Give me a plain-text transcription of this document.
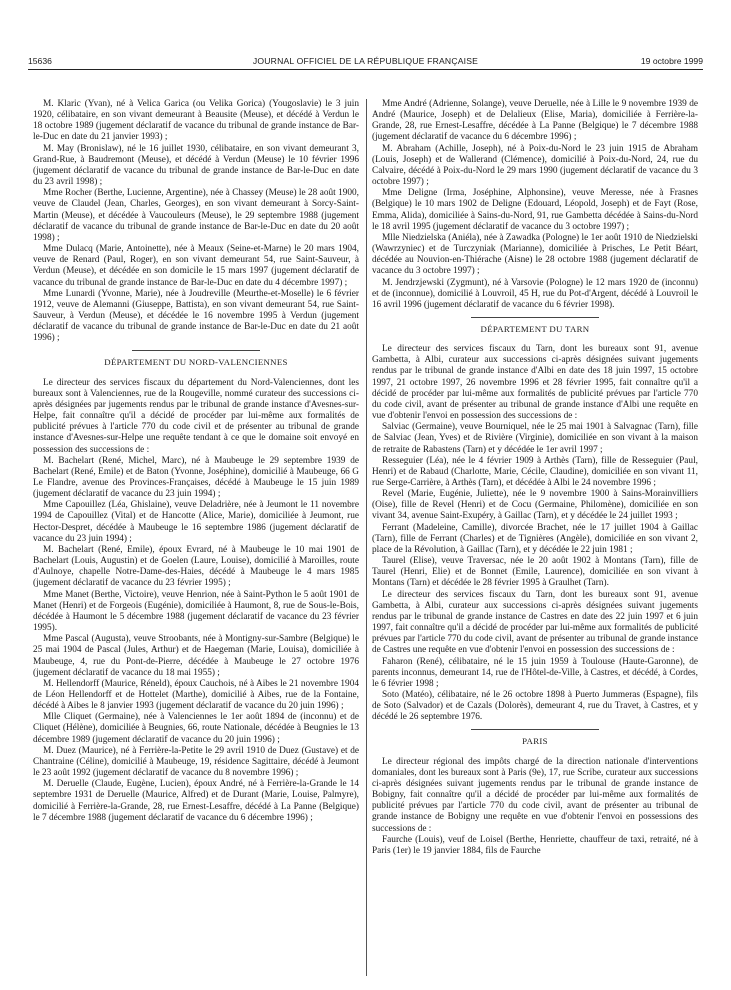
15636	JOURNAL OFFICIEL DE LA RÉPUBLIQUE FRANÇAISE	19 octobre 1999

M. Klaric (Yvan), né à Velica Garica (ou Velika Gorica) (Yougoslavie) le 3 juin 1920, célibataire, en son vivant demeurant à Beausite (Meuse), et décédé à Verdun le 18 octobre 1989 (jugement déclaratif de vacance du tribunal de grande instance de Bar-le-Duc en date du 21 janvier 1993) ;

M. May (Bronislaw), né le 16 juillet 1930, célibataire, en son vivant demeurant 3, Grand-Rue, à Baudremont (Meuse), et décédé à Verdun (Meuse) le 10 février 1996 (jugement déclaratif de vacance du tribunal de grande instance de Bar-le-Duc en date du 23 avril 1998) ;

Mme Rocher (Berthe, Lucienne, Argentine), née à Chassey (Meuse) le 28 août 1900, veuve de Claudel (Jean, Charles, Georges), en son vivant demeurant à Sorcy-Saint-Martin (Meuse), et décédée à Vaucouleurs (Meuse), le 29 septembre 1988 (jugement déclaratif de vacance du tribunal de grande instance de Bar-le-Duc en date du 20 août 1998) ;

Mme Dulacq (Marie, Antoinette), née à Meaux (Seine-et-Marne) le 20 mars 1904, veuve de Renard (Paul, Roger), en son vivant demeurant 54, rue Saint-Sauveur, à Verdun (Meuse), et décédée en son domicile le 15 mars 1997 (jugement déclaratif de vacance du tribunal de grande instance de Bar-le-Duc en date du 4 décembre 1997) ;

Mme Lunardi (Yvonne, Marie), née à Joudreville (Meurthe-et-Moselle) le 6 février 1912, veuve de Alemanni (Giuseppe, Battista), en son vivant demeurant 54, rue Saint-Sauveur, à Verdun (Meuse), et décédée le 16 novembre 1995 à Verdun (jugement déclaratif de vacance du tribunal de grande instance de Bar-le-Duc en date du 21 août 1996) ;

DÉPARTEMENT DU NORD-VALENCIENNES

Le directeur des services fiscaux du département du Nord-Valenciennes, dont les bureaux sont à Valenciennes, rue de la Rougeville, nommé curateur des successions ci-après désignées par jugements rendus par le tribunal de grande instance d'Avesnes-sur-Helpe, fait connaître qu'il a décidé de procéder par lui-même aux formalités de publicité prévues à l'article 770 du code civil et de présenter au tribunal de grande instance d'Avesnes-sur-Helpe une requête tendant à ce que le domaine soit envoyé en possession des successions de :

M. Bachelart (René, Michel, Marc), né à Maubeuge le 29 septembre 1939 de Bachelart (René, Emile) et de Baton (Yvonne, Joséphine), domicilié à Maubeuge, 66 G Le Flandre, avenue des Provinces-Françaises, décédé à Maubeuge le 15 juin 1989 (jugement déclaratif de vacance du 23 juin 1994) ;

Mme Capouillez (Léa, Ghislaine), veuve Deladrière, née à Jeumont le 11 novembre 1994 de Capouillez (Vital) et de Hancotte (Alice, Marie), domiciliée à Jeumont, rue Hector-Despret, décédée à Maubeuge le 16 septembre 1986 (jugement déclaratif de vacance du 23 juin 1994) ;

M. Bachelart (René, Emile), époux Evrard, né à Maubeuge le 10 mai 1901 de Bachelart (Louis, Augustin) et de Goelen (Laure, Louise), domicilié à Maroilles, route d'Aulnoye, chapelle Notre-Dame-des-Haies, décédé à Maubeuge le 4 mars 1985 (jugement déclaratif de vacance du 23 février 1995) ;

Mme Manet (Berthe, Victoire), veuve Henrion, née à Saint-Python le 5 août 1901 de Manet (Henri) et de Forgeois (Eugénie), domiciliée à Haumont, 8, rue de Sous-le-Bois, décédée à Haumont le 5 décembre 1988 (jugement déclaratif de vacance du 23 février 1995).

Mme Pascal (Augusta), veuve Stroobants, née à Montigny-sur-Sambre (Belgique) le 25 mai 1904 de Pascal (Jules, Arthur) et de Haegeman (Marie, Louisa), domiciliée à Maubeuge, 4, rue du Pont-de-Pierre, décédée à Maubeuge le 27 octobre 1976 (jugement déclaratif de vacance du 18 mai 1955) ;

M. Hellendorff (Maurice, Réneld), époux Cauchois, né à Aibes le 21 novembre 1904 de Léon Hellendorff et de Hottelet (Marthe), domicilié à Aibes, rue de la Fontaine, décédé à Aibes le 8 janvier 1993 (jugement déclaratif de vacance du 20 juin 1996) ;

Mlle Cliquet (Germaine), née à Valenciennes le 1er août 1894 de (inconnu) et de Cliquet (Hélène), domiciliée à Beugnies, 66, route Nationale, décédée à Beugnies le 13 décembre 1989 (jugement déclaratif de vacance du 20 juin 1996) ;

M. Duez (Maurice), né à Ferrière-la-Petite le 29 avril 1910 de Duez (Gustave) et de Chantraine (Céline), domicilié à Maubeuge, 19, résidence Sagittaire, décédé à Jeumont le 23 août 1992 (jugement déclaratif de vacance du 8 novembre 1996) ;

M. Deruelle (Claude, Eugène, Lucien), époux André, né à Ferrière-la-Grande le 14 septembre 1931 de Deruelle (Maurice, Alfred) et de Durant (Marie, Louise, Palmyre), domicilié à Ferrière-la-Grande, 28, rue Ernest-Lesaffre, décédé à La Panne (Belgique) le 7 décembre 1988 (jugement déclaratif de vacance du 6 décembre 1996) ;

Mme André (Adrienne, Solange), veuve Deruelle, née à Lille le 9 novembre 1939 de André (Maurice, Joseph) et de Delalieux (Elise, Maria), domiciliée à Ferrière-la-Grande, 28, rue Ernest-Lesaffre, décédée à La Panne (Belgique) le 7 décembre 1988 (jugement déclaratif de vacance du 6 décembre 1996) ;

M. Abraham (Achille, Joseph), né à Poix-du-Nord le 23 juin 1915 de Abraham (Louis, Joseph) et de Wallerand (Clémence), domicilié à Poix-du-Nord, 24, rue du Calvaire, décédé à Poix-du-Nord le 29 mars 1990 (jugement déclaratif de vacance du 3 octobre 1997) ;

Mme Deligne (Irma, Joséphine, Alphonsine), veuve Meresse, née à Frasnes (Belgique) le 10 mars 1902 de Deligne (Edouard, Léopold, Joseph) et de Fayt (Rose, Emma, Alida), domiciliée à Sains-du-Nord, 91, rue Gambetta décédée à Sains-du-Nord le 18 avril 1995 (jugement déclaratif de vacance du 3 octobre 1997) ;

Mlle Niedzielska (Aniéla), née à Zawadka (Pologne) le 1er août 1910 de Niedzielski (Wawrzyniec) et de Turczyniak (Marianne), domiciliée à Prisches, Le Petit Béart, décédée au Nouvion-en-Thiérache (Aisne) le 28 octobre 1988 (jugement déclaratif de vacance du 3 octobre 1997) ;

M. Jendrzjewski (Zygmunt), né à Varsovie (Pologne) le 12 mars 1920 de (inconnu) et de (inconnue), domicilié à Louvroil, 45 H, rue du Pot-d'Argent, décédé à Louvroil le 16 avril 1996 (jugement déclaratif de vacance du 6 février 1998).

DÉPARTEMENT DU TARN

Le directeur des services fiscaux du Tarn, dont les bureaux sont 91, avenue Gambetta, à Albi, curateur aux successions ci-après désignées suivant jugements rendus par le tribunal de grande instance d'Albi en date des 18 juin 1997, 15 octobre 1997, 21 octobre 1997, 26 novembre 1996 et 28 février 1995, fait connaître qu'il a décidé de procéder par lui-même aux formalités de publicité prévues par l'article 770 du code civil, avant de présenter au tribunal de grande instance d'Albi une requête en vue d'obtenir l'envoi en possession des successions de :

Salviac (Germaine), veuve Bourniquel, née le 25 mai 1901 à Salvagnac (Tarn), fille de Salviac (Jean, Yves) et de Rivière (Virginie), domiciliée en son vivant à la maison de retraite de Rabastens (Tarn) et y décédée le 1er avril 1997 ;

Resseguier (Léa), née le 4 février 1909 à Arthès (Tarn), fille de Resseguier (Paul, Henri) et de Rabaud (Charlotte, Marie, Cécile, Claudine), domiciliée en son vivant 11, rue Serge-Carrière, à Arthès (Tarn), et décédée à Albi le 24 novembre 1996 ;

Revel (Marie, Eugénie, Juliette), née le 9 novembre 1900 à Sains-Morainvilliers (Oise), fille de Revel (Henri) et de Cocu (Germaine, Philomène), domiciliée en son vivant 34, avenue Saint-Exupéry, à Gaillac (Tarn), et y décédée le 24 juillet 1993 ;

Ferrant (Madeleine, Camille), divorcée Brachet, née le 17 juillet 1904 à Gaillac (Tarn), fille de Ferrant (Charles) et de Tignières (Angèle), domiciliée en son vivant 2, place de la Révolution, à Gaillac (Tarn), et y décédée le 22 juin 1981 ;

Taurel (Elise), veuve Traversac, née le 20 août 1902 à Montans (Tarn), fille de Taurel (Henri, Elie) et de Bonnet (Emile, Laurence), domiciliée en son vivant à Montans (Tarn) et décédée le 28 février 1995 à Graulhet (Tarn).

Le directeur des services fiscaux du Tarn, dont les bureaux sont 91, avenue Gambetta, à Albi, curateur aux successions ci-après désignées suivant jugements rendus par le tribunal de grande instance de Castres en date des 22 juin 1997 et 6 juin 1997, fait connaître qu'il a décidé de procéder par lui-même aux formalités de publicité prévues par l'article 770 du code civil, avant de présenter au tribunal de grande instance de Castres une requête en vue d'obtenir l'envoi en possession des successions de :

Faharon (René), célibataire, né le 15 juin 1959 à Toulouse (Haute-Garonne), de parents inconnus, demeurant 14, rue de l'Hôtel-de-Ville, à Castres, et décédé, à Cordes, le 6 février 1998 ;

Soto (Matéo), célibataire, né le 26 octobre 1898 à Puerto Jummeras (Espagne), fils de Soto (Salvador) et de Cazals (Dolorès), demeurant 4, rue du Travet, à Castres, et y décédé le 26 septembre 1976.

PARIS

Le directeur régional des impôts chargé de la direction nationale d'interventions domaniales, dont les bureaux sont à Paris (9e), 17, rue Scribe, curateur aux successions ci-après désignées suivant jugements rendus par le tribunal de grande instance de Bobigny, fait connaître qu'il a décidé de procéder par lui-même aux formalités de publicité prévues par l'article 770 du code civil, avant de présenter au tribunal de grande instance de Bobigny une requête en vue d'obtenir l'envoi en possessions des successions de :

Faurche (Louis), veuf de Loisel (Berthe, Henriette, chauffeur de taxi, retraité, né à Paris (1er) le 19 janvier 1884, fils de Faurche
